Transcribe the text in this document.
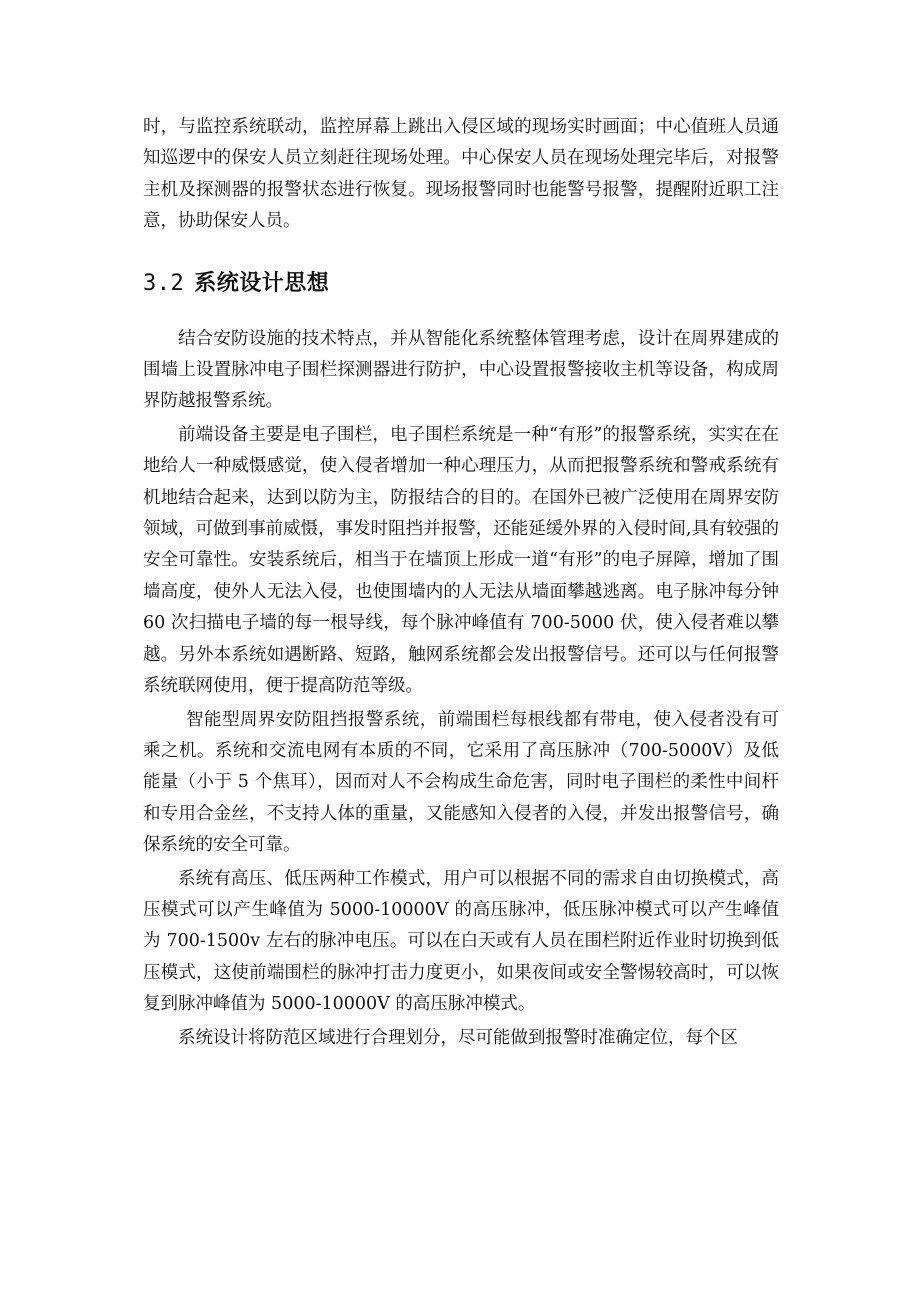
时，与监控系统联动，监控屏幕上跳出入侵区域的现场实时画面；中心值班人员通知巡逻中的保安人员立刻赶往现场处理。中心保安人员在现场处理完毕后，对报警主机及探测器的报警状态进行恢复。现场报警同时也能警号报警，提醒附近职工注意，协助保安人员。

3.2 系统设计思想

结合安防设施的技术特点，并从智能化系统整体管理考虑，设计在周界建成的围墙上设置脉冲电子围栏探测器进行防护，中心设置报警接收主机等设备，构成周界防越报警系统。

前端设备主要是电子围栏，电子围栏系统是一种“有形”的报警系统，实实在在地给人一种威慑感觉，使入侵者增加一种心理压力，从而把报警系统和警戒系统有机地结合起来，达到以防为主，防报结合的目的。在国外已被广泛使用在周界安防领域，可做到事前威慑，事发时阻挡并报警，还能延缓外界的入侵时间,具有较强的安全可靠性。安装系统后，相当于在墙顶上形成一道“有形”的电子屏障，增加了围墙高度，使外人无法入侵，也使围墙内的人无法从墙面攀越逃离。电子脉冲每分钟 60 次扫描电子墙的每一根导线，每个脉冲峰值有 700-5000 伏，使入侵者难以攀越。另外本系统如遇断路、短路，触网系统都会发出报警信号。还可以与任何报警系统联网使用，便于提高防范等级。

智能型周界安防阻挡报警系统，前端围栏每根线都有带电，使入侵者没有可乘之机。系统和交流电网有本质的不同，它采用了高压脉冲（700-5000V）及低能量（小于 5 个焦耳），因而对人不会构成生命危害，同时电子围栏的柔性中间杆和专用合金丝，不支持人体的重量，又能感知入侵者的入侵，并发出报警信号，确保系统的安全可靠。

系统有高压、低压两种工作模式，用户可以根据不同的需求自由切换模式，高压模式可以产生峰值为 5000-10000V 的高压脉冲，低压脉冲模式可以产生峰值为 700-1500v 左右的脉冲电压。可以在白天或有人员在围栏附近作业时切换到低压模式，这使前端围栏的脉冲打击力度更小，如果夜间或安全警惕较高时，可以恢复到脉冲峰值为 5000-10000V 的高压脉冲模式。

系统设计将防范区域进行合理划分，尽可能做到报警时准确定位，每个区
